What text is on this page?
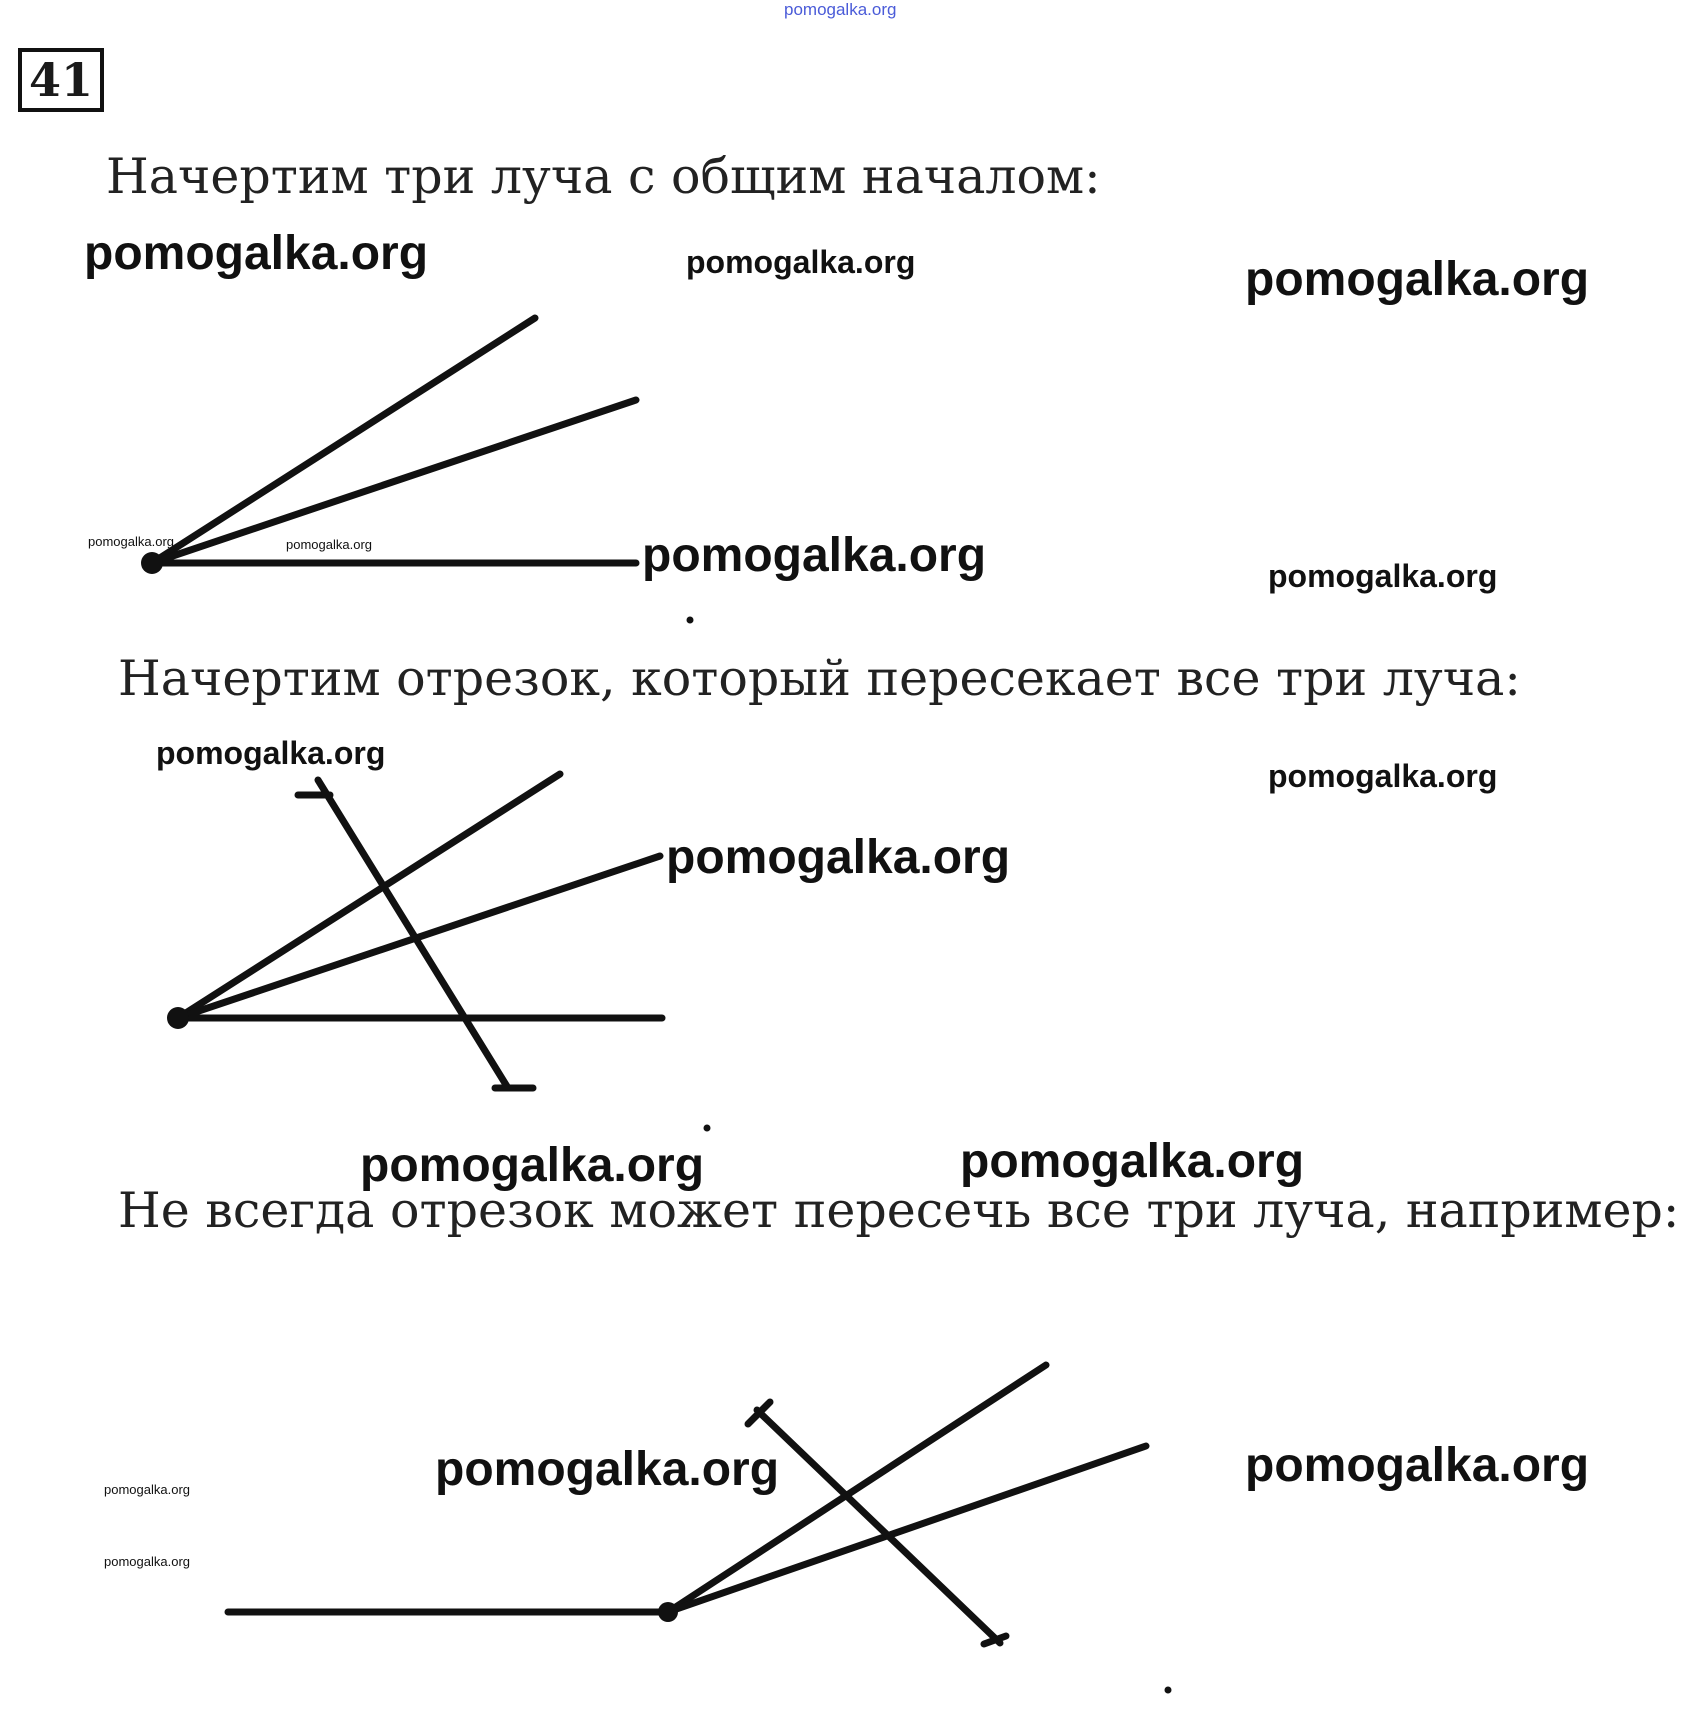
pomogalka.org
41
Начертим три луча с общим началом:
Начертим отрезок, который пересекает все три луча:
Не всегда отрезок может пересечь все три луча, например:
pomogalka.org	pomogalka.org	pomogalka.org
pomogalka.org	pomogalka.org	pomogalka.org	pomogalka.org
pomogalka.org
pomogalka.org
pomogalka.org
pomogalka.org	pomogalka.org
pomogalka.org
pomogalka.org
pomogalka.org	pomogalka.org
